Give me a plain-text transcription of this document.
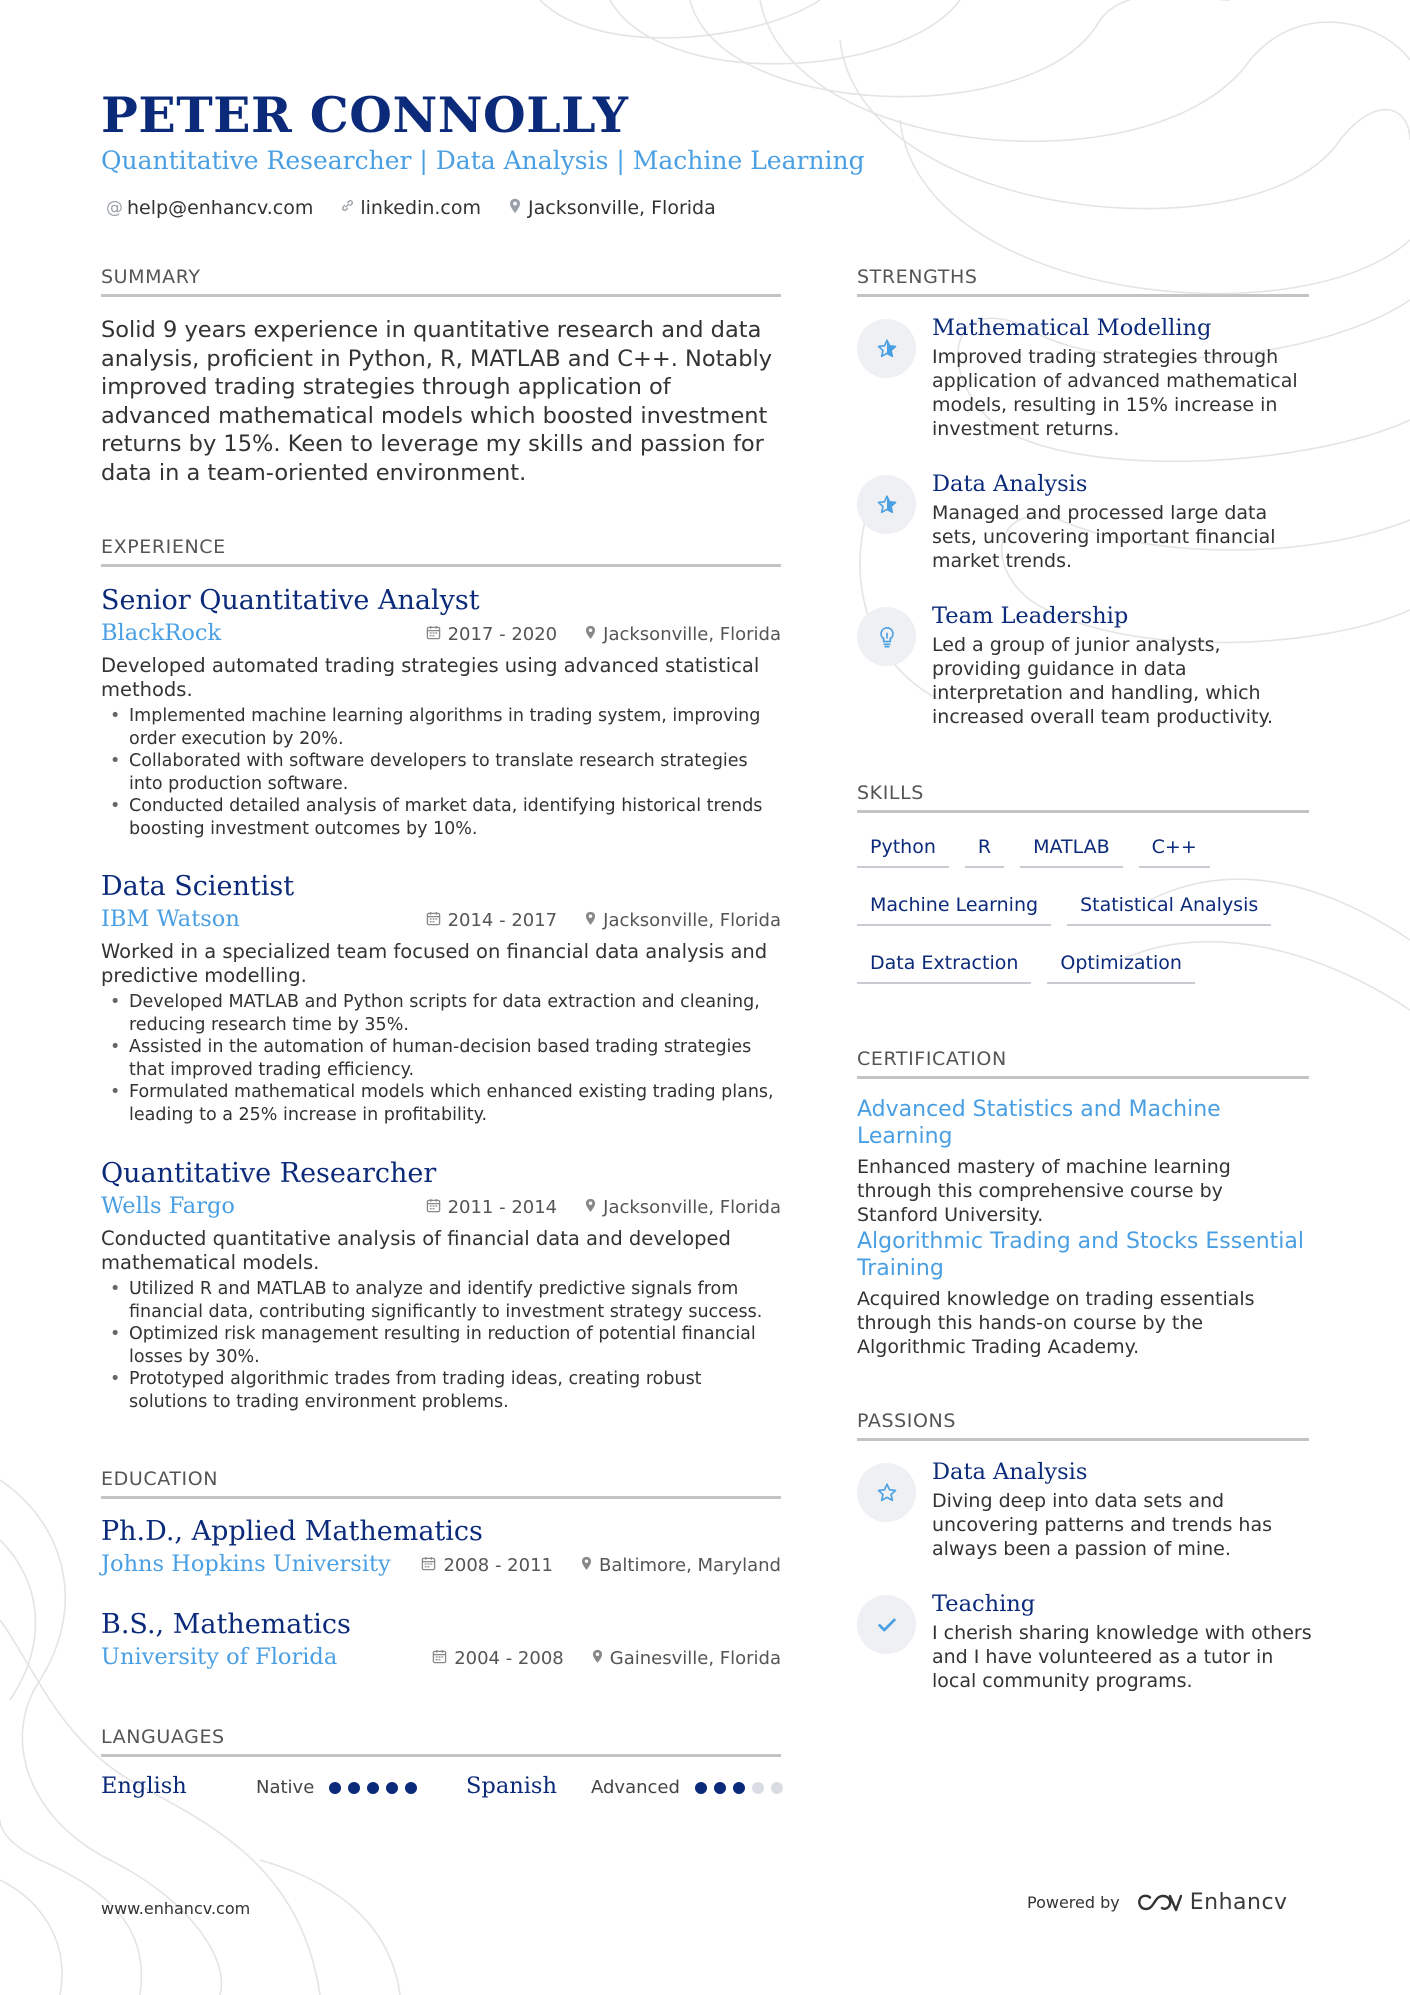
PETER CONNOLLY
Quantitative Researcher | Data Analysis | Machine Learning
@ help@enhancv.com linkedin.com Jacksonville, Florida
SUMMARY
Solid 9 years experience in quantitative research and data analysis, proficient in Python, R, MATLAB and C++. Notably improved trading strategies through application of advanced mathematical models which boosted investment returns by 15%. Keen to leverage my skills and passion for data in a team-oriented environment.
EXPERIENCE
Senior Quantitative Analyst
BlackRock	2017 - 2020	Jacksonville, Florida
Developed automated trading strategies using advanced statistical methods.
• Implemented machine learning algorithms in trading system, improving order execution by 20%.
• Collaborated with software developers to translate research strategies into production software.
• Conducted detailed analysis of market data, identifying historical trends boosting investment outcomes by 10%.
Data Scientist
IBM Watson	2014 - 2017	Jacksonville, Florida
Worked in a specialized team focused on financial data analysis and predictive modelling.
• Developed MATLAB and Python scripts for data extraction and cleaning, reducing research time by 35%.
• Assisted in the automation of human-decision based trading strategies that improved trading efficiency.
• Formulated mathematical models which enhanced existing trading plans, leading to a 25% increase in profitability.
Quantitative Researcher
Wells Fargo	2011 - 2014	Jacksonville, Florida
Conducted quantitative analysis of financial data and developed mathematical models.
• Utilized R and MATLAB to analyze and identify predictive signals from financial data, contributing significantly to investment strategy success.
• Optimized risk management resulting in reduction of potential financial losses by 30%.
• Prototyped algorithmic trades from trading ideas, creating robust solutions to trading environment problems.
EDUCATION
Ph.D., Applied Mathematics
Johns Hopkins University	2008 - 2011	Baltimore, Maryland
B.S., Mathematics
University of Florida	2004 - 2008	Gainesville, Florida
LANGUAGES
English	Native	Spanish Advanced
www.enhancv.com	Powered by	Enhancv
STRENGTHS
Mathematical Modelling
Improved trading strategies through application of advanced mathematical models, resulting in 15% increase in investment returns.
Data Analysis
Managed and processed large data sets, uncovering important financial market trends.
Team Leadership
Led a group of junior analysts, providing guidance in data interpretation and handling, which increased overall team productivity.
SKILLS
Python	R	MATLAB	C++
Machine Learning	Statistical Analysis
Data Extraction	Optimization
CERTIFICATION
Advanced Statistics and Machine Learning
Enhanced mastery of machine learning through this comprehensive course by Stanford University.
Algorithmic Trading and Stocks Essential Training
Acquired knowledge on trading essentials through this hands-on course by the Algorithmic Trading Academy.
PASSIONS
Data Analysis
Diving deep into data sets and uncovering patterns and trends has always been a passion of mine.
Teaching
I cherish sharing knowledge with others and I have volunteered as a tutor in local community programs.
